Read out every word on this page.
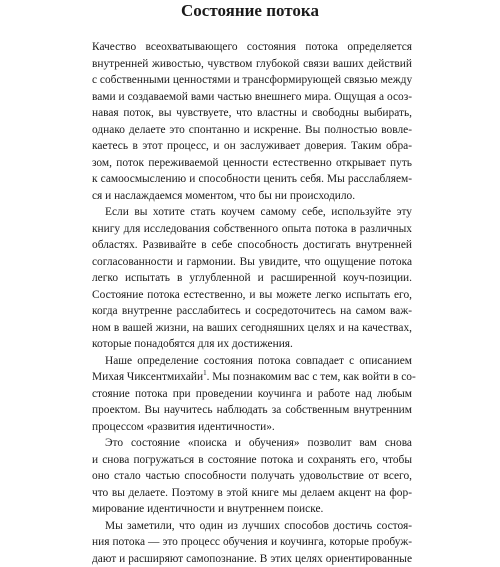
Состояние потока
Качество всеохватывающего состояния потока определяется
внутренней живостью, чувством глубокой связи ваших действий
с собственными ценностями и трансформирующей связью между
вами и создаваемой вами частью внешнего мира. Ощущая а осоз-
навая поток, вы чувствуете, что властны и свободны выбирать,
однако делаете это спонтанно и искренне. Вы полностью вовле-
каетесь в этот процесс, и он заслуживает доверия. Таким обра-
зом, поток переживаемой ценности естественно открывает путь
к самоосмыслению и способности ценить себя. Мы расслабляем-
ся и наслаждаемся моментом, что бы ни происходило.
Если вы хотите стать коучем самому себе, используйте эту
книгу для исследования собственного опыта потока в различных
областях. Развивайте в себе способность достигать внутренней
согласованности и гармонии. Вы увидите, что ощущение потока
легко испытать в углубленной и расширенной коуч-позиции.
Состояние потока естественно, и вы можете легко испытать его,
когда внутренне расслабитесь и сосредоточитесь на самом важ-
ном в вашей жизни, на ваших сегодняшних целях и на качествах,
которые понадобятся для их достижения.
Наше определение состояния потока совпадает с описанием
Михая Чиксентмихайи$^1$. Мы познакомим вас с тем, как войти в со-
стояние потока при проведении коучинга и работе над любым
проектом. Вы научитесь наблюдать за собственным внутренним
процессом «развития идентичности».
Это состояние «поиска и обучения» позволит вам снова
и снова погружаться в состояние потока и сохранять его, чтобы
оно стало частью способности получать удовольствие от всего,
что вы делаете. Поэтому в этой книге мы делаем акцент на фор-
мирование идентичности и внутреннем поиске.
Мы заметили, что один из лучших способов достичь состоя-
ния потока — это процесс обучения и коучинга, которые пробуж-
дают и расширяют самопознание. В этих целях ориентированные
